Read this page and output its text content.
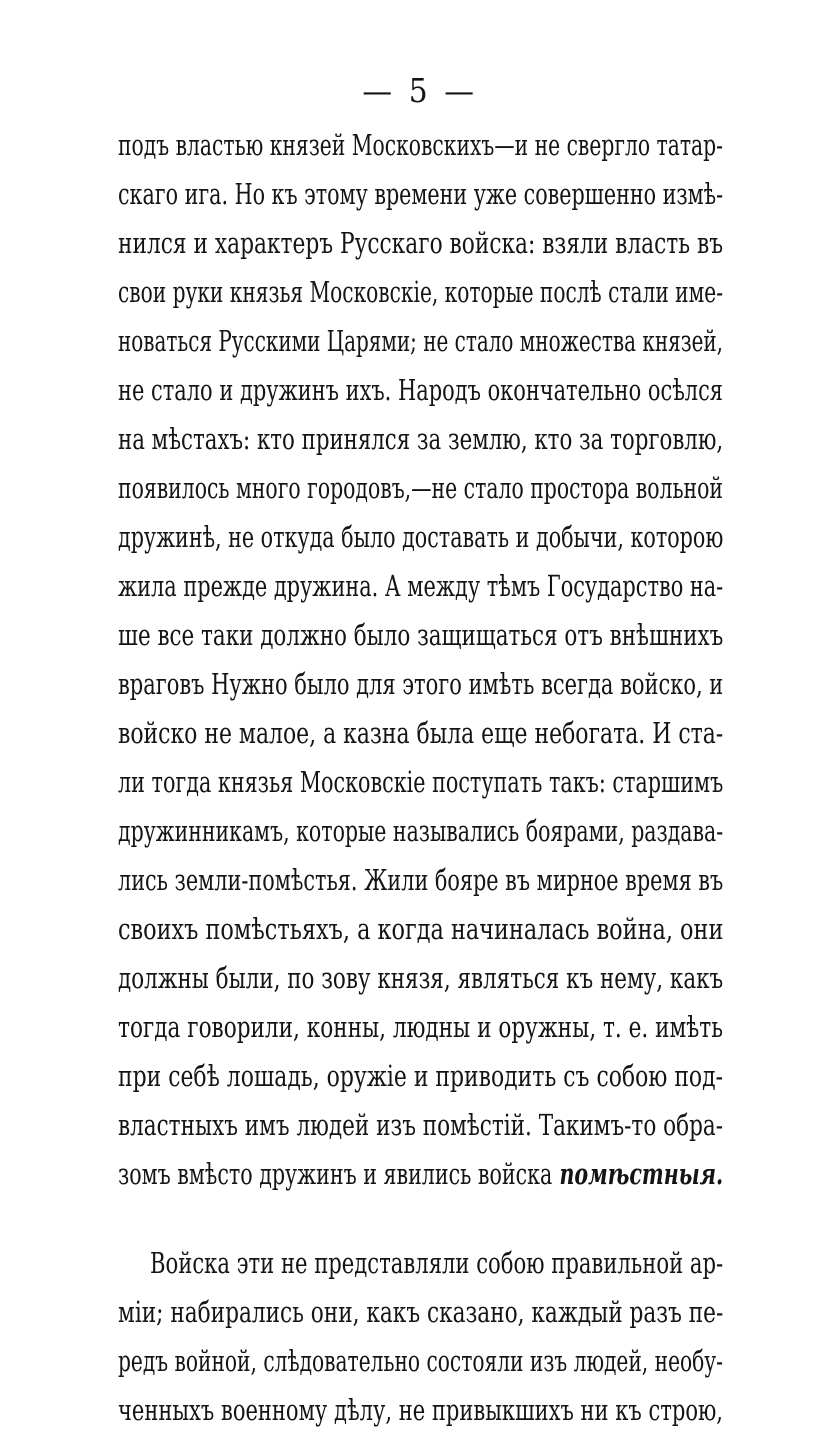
— 5 —
подъ властью князей Московскихъ—и не свергло татар-
скаго ига. Но къ этому времени уже совершенно измѣ-
нился и характеръ Русскаго войска: взяли власть въ
свои руки князья Московскіе, которые послѣ стали име-
новаться Русскими Царями; не стало множества князей,
не стало и дружинъ ихъ. Народъ окончательно осѣлся
на мѣстахъ: кто принялся за землю, кто за торговлю,
появилось много городовъ,—не стало простора вольной
дружинѣ, не откуда было доставать и добычи, которою
жила прежде дружина. А между тѣмъ Государство на-
ше все таки должно было защищаться отъ внѣшнихъ
враговъ Нужно было для этого имѣть всегда войско, и
войско не малое, а казна была еще небогата. И ста-
ли тогда князья Московскіе поступать такъ: старшимъ
дружинникамъ, которые назывались боярами, раздава-
лись земли-помѣстья. Жили бояре въ мирное время въ
своихъ помѣстьяхъ, а когда начиналась война, они
должны были, по зову князя, являться къ нему, какъ
тогда говорили, конны, людны и оружны, т. е. имѣть
при себѣ лошадь, оружіе и приводить съ собою под-
властныхъ имъ людей изъ помѣстій. Такимъ-то обра-
зомъ вмѣсто дружинъ и явились войска помѣстныя.
Войска эти не представляли собою правильной ар-
міи; набирались они, какъ сказано, каждый разъ пе-
редъ войной, слѣдовательно состояли изъ людей, необу-
ченныхъ военному дѣлу, не привыкшихъ ни къ строю,
